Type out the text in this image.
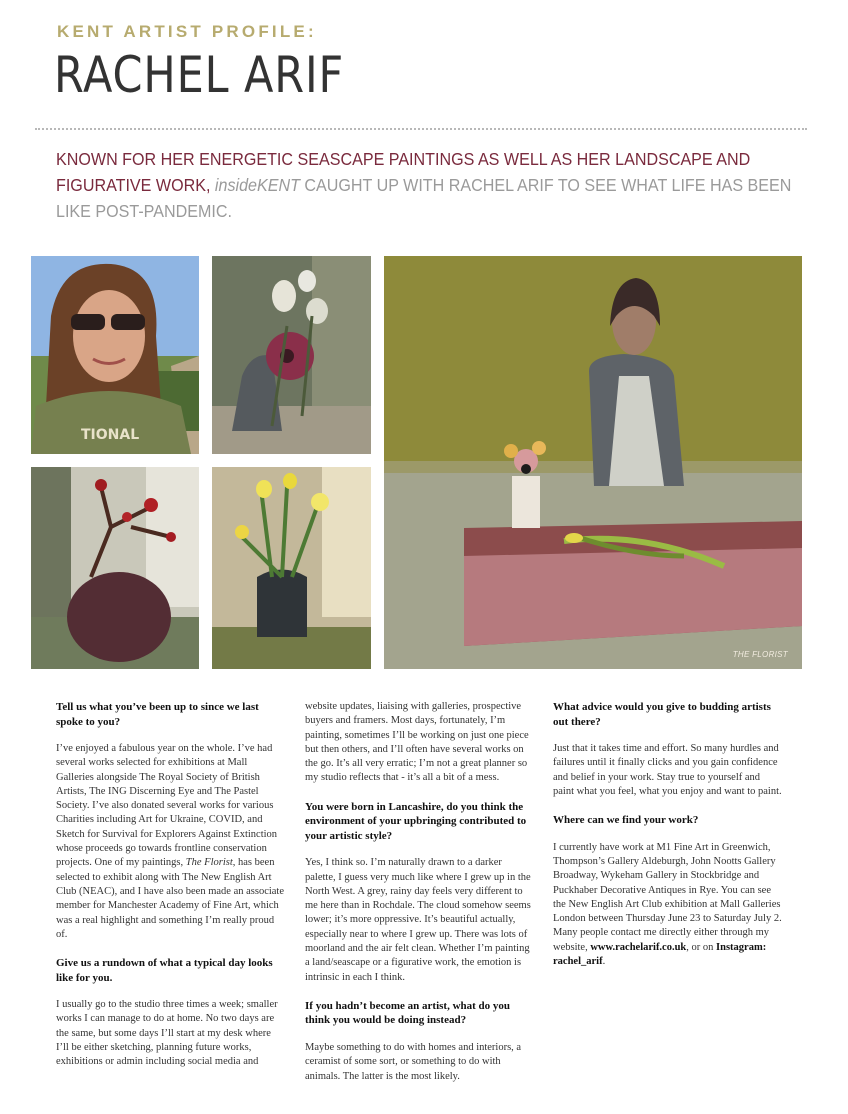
KENT ARTIST PROFILE:
RACHEL ARIF
KNOWN FOR HER ENERGETIC SEASCAPE PAINTINGS AS WELL AS HER LANDSCAPE AND FIGURATIVE WORK, insideKENT CAUGHT UP WITH RACHEL ARIF TO SEE WHAT LIFE HAS BEEN LIKE POST-PANDEMIC.
TIONAL
THE FLORIST
Tell us what you’ve been up to since we last spoke to you?

I’ve enjoyed a fabulous year on the whole. I’ve had several works selected for exhibitions at Mall Galleries alongside The Royal Society of British Artists, The ING Discerning Eye and The Pastel Society. I’ve also donated several works for various Charities including Art for Ukraine, COVID, and Sketch for Survival for Explorers Against Extinction whose proceeds go towards frontline conservation projects. One of my paintings, The Florist, has been selected to exhibit along with The New English Art Club (NEAC), and I have also been made an associate member for Manchester Academy of Fine Art, which was a real highlight and something I’m really proud of.

Give us a rundown of what a typical day looks like for you.

I usually go to the studio three times a week; smaller works I can manage to do at home. No two days are the same, but some days I’ll start at my desk where I’ll be either sketching, planning future works, exhibitions or admin including social media and

website updates, liaising with galleries, prospective buyers and framers. Most days, fortunately, I’m painting, sometimes I’ll be working on just one piece but then others, and I’ll often have several works on the go. It’s all very erratic; I’m not a great planner so my studio reflects that - it’s all a bit of a mess.

You were born in Lancashire, do you think the environment of your upbringing contributed to your artistic style?

Yes, I think so. I’m naturally drawn to a darker palette, I guess very much like where I grew up in the North West. A grey, rainy day feels very different to me here than in Rochdale. The cloud somehow seems lower; it’s more oppressive. It’s beautiful actually, especially near to where I grew up. There was lots of moorland and the air felt clean. Whether I’m painting a land/seascape or a figurative work, the emotion is intrinsic in each I think.

If you hadn’t become an artist, what do you think you would be doing instead?

Maybe something to do with homes and interiors, a ceramist of some sort, or something to do with animals. The latter is the most likely.

What advice would you give to budding artists out there?

Just that it takes time and effort. So many hurdles and failures until it finally clicks and you gain confidence and belief in your work. Stay true to yourself and paint what you feel, what you enjoy and want to paint.

Where can we find your work?

I currently have work at M1 Fine Art in Greenwich, Thompson’s Gallery Aldeburgh, John Nootts Gallery Broadway, Wykeham Gallery in Stockbridge and Puckhaber Decorative Antiques in Rye. You can see the New English Art Club exhibition at Mall Galleries London between Thursday June 23 to Saturday July 2. Many people contact me directly either through my website, www.rachelarif.co.uk, or on Instagram: rachel_arif.
